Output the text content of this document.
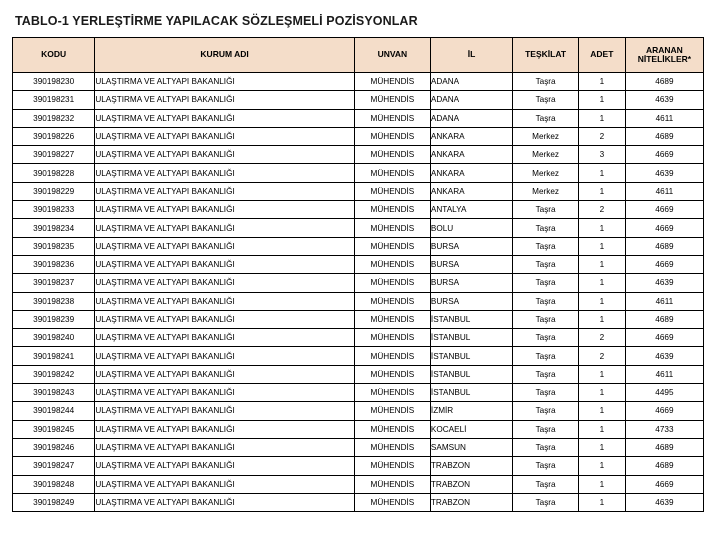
TABLO-1 YERLEŞTİRME YAPILACAK SÖZLEŞMELİ POZİSYONLAR
KODU	KURUM ADI	UNVAN	İL	TEŞKİLAT	ADET	ARANAN
NİTELİKLER*

390198230	ULAŞTIRMA VE ALTYAPI BAKANLIĞI	MÜHENDİS	ADANA	Taşra	1	4689
390198231	ULAŞTIRMA VE ALTYAPI BAKANLIĞI	MÜHENDİS	ADANA	Taşra	1	4639
390198232	ULAŞTIRMA VE ALTYAPI BAKANLIĞI	MÜHENDİS	ADANA	Taşra	1	4611
390198226	ULAŞTIRMA VE ALTYAPI BAKANLIĞI	MÜHENDİS	ANKARA	Merkez	2	4689
390198227	ULAŞTIRMA VE ALTYAPI BAKANLIĞI	MÜHENDİS	ANKARA	Merkez	3	4669
390198228	ULAŞTIRMA VE ALTYAPI BAKANLIĞI	MÜHENDİS	ANKARA	Merkez	1	4639
390198229	ULAŞTIRMA VE ALTYAPI BAKANLIĞI	MÜHENDİS	ANKARA	Merkez	1	4611
390198233	ULAŞTIRMA VE ALTYAPI BAKANLIĞI	MÜHENDİS	ANTALYA	Taşra	2	4669
390198234	ULAŞTIRMA VE ALTYAPI BAKANLIĞI	MÜHENDİS	BOLU	Taşra	1	4669
390198235	ULAŞTIRMA VE ALTYAPI BAKANLIĞI	MÜHENDİS	BURSA	Taşra	1	4689
390198236	ULAŞTIRMA VE ALTYAPI BAKANLIĞI	MÜHENDİS	BURSA	Taşra	1	4669
390198237	ULAŞTIRMA VE ALTYAPI BAKANLIĞI	MÜHENDİS	BURSA	Taşra	1	4639
390198238	ULAŞTIRMA VE ALTYAPI BAKANLIĞI	MÜHENDİS	BURSA	Taşra	1	4611
390198239	ULAŞTIRMA VE ALTYAPI BAKANLIĞI	MÜHENDİS	İSTANBUL	Taşra	1	4689
390198240	ULAŞTIRMA VE ALTYAPI BAKANLIĞI	MÜHENDİS	İSTANBUL	Taşra	2	4669
390198241	ULAŞTIRMA VE ALTYAPI BAKANLIĞI	MÜHENDİS	İSTANBUL	Taşra	2	4639
390198242	ULAŞTIRMA VE ALTYAPI BAKANLIĞI	MÜHENDİS	İSTANBUL	Taşra	1	4611
390198243	ULAŞTIRMA VE ALTYAPI BAKANLIĞI	MÜHENDİS	İSTANBUL	Taşra	1	4495
390198244	ULAŞTIRMA VE ALTYAPI BAKANLIĞI	MÜHENDİS	İZMİR	Taşra	1	4669
390198245	ULAŞTIRMA VE ALTYAPI BAKANLIĞI	MÜHENDİS	KOCAELİ	Taşra	1	4733
390198246	ULAŞTIRMA VE ALTYAPI BAKANLIĞI	MÜHENDİS	SAMSUN	Taşra	1	4689
390198247	ULAŞTIRMA VE ALTYAPI BAKANLIĞI	MÜHENDİS	TRABZON	Taşra	1	4689
390198248	ULAŞTIRMA VE ALTYAPI BAKANLIĞI	MÜHENDİS	TRABZON	Taşra	1	4669
390198249	ULAŞTIRMA VE ALTYAPI BAKANLIĞI	MÜHENDİS	TRABZON	Taşra	1	4639
